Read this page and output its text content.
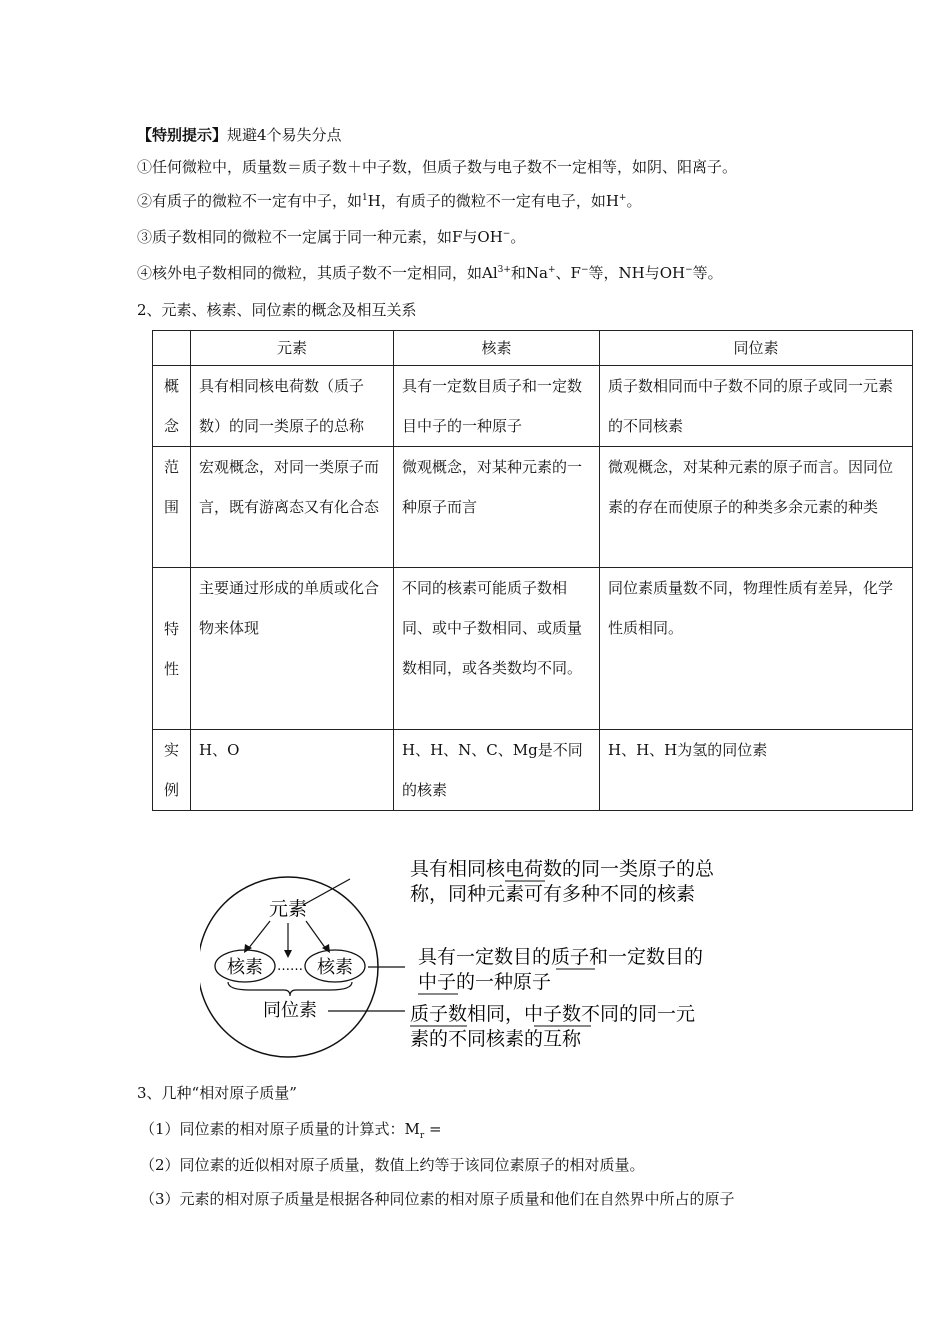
【特别提示】规避4个易失分点
①任何微粒中，质量数＝质子数＋中子数，但质子数与电子数不一定相等，如阴、阳离子。
②有质子的微粒不一定有中子，如$^1$H，有质子的微粒不一定有电子，如H+。
③质子数相同的微粒不一定属于同一种元素，如F与OH−。
④核外电子数相同的微粒，其质子数不一定相同，如$Al^{3+}$和Na+、F−等，NH与OH−等。
2、元素、核素、同位素的概念及相互关系
	元素	核素	同位素

概
念	具有相同核电荷数（质子数）的同一类原子的总称	具有一定数目质子和一定数目中子的一种原子	质子数相同而中子数不同的原子或同一元素的不同核素

范
围	宏观概念，对同一类原子而言，既有游离态又有化合态	微观概念，对某种元素的一种原子而言	微观概念，对某种元素的原子而言。因同位素的存在而使原子的种类多余元素的种类

特
性	主要通过形成的单质或化合物来体现	不同的核素可能质子数相同、或中子数相同、或质量数相同，或各类数均不同。	同位素质量数不同，物理性质有差异，化学性质相同。

实
例	H、O	H、H、N、C、Mg是不同的核素	H、H、H为氢的同位素
元素
核素 …… 核素
同位素
具有相同核电荷数的同一类原子的总
称，同种元素可有多种不同的核素
具有一定数目的质子和一定数目的
中子的一种原子
质子数相同，中子数不同的同一元
素的不同核素的互称
3、几种“相对原子质量”
（1）同位素的相对原子质量的计算式：$M_r$ =
（2）同位素的近似相对原子质量，数值上约等于该同位素原子的相对质量。
（3）元素的相对原子质量是根据各种同位素的相对原子质量和他们在自然界中所占的原子
